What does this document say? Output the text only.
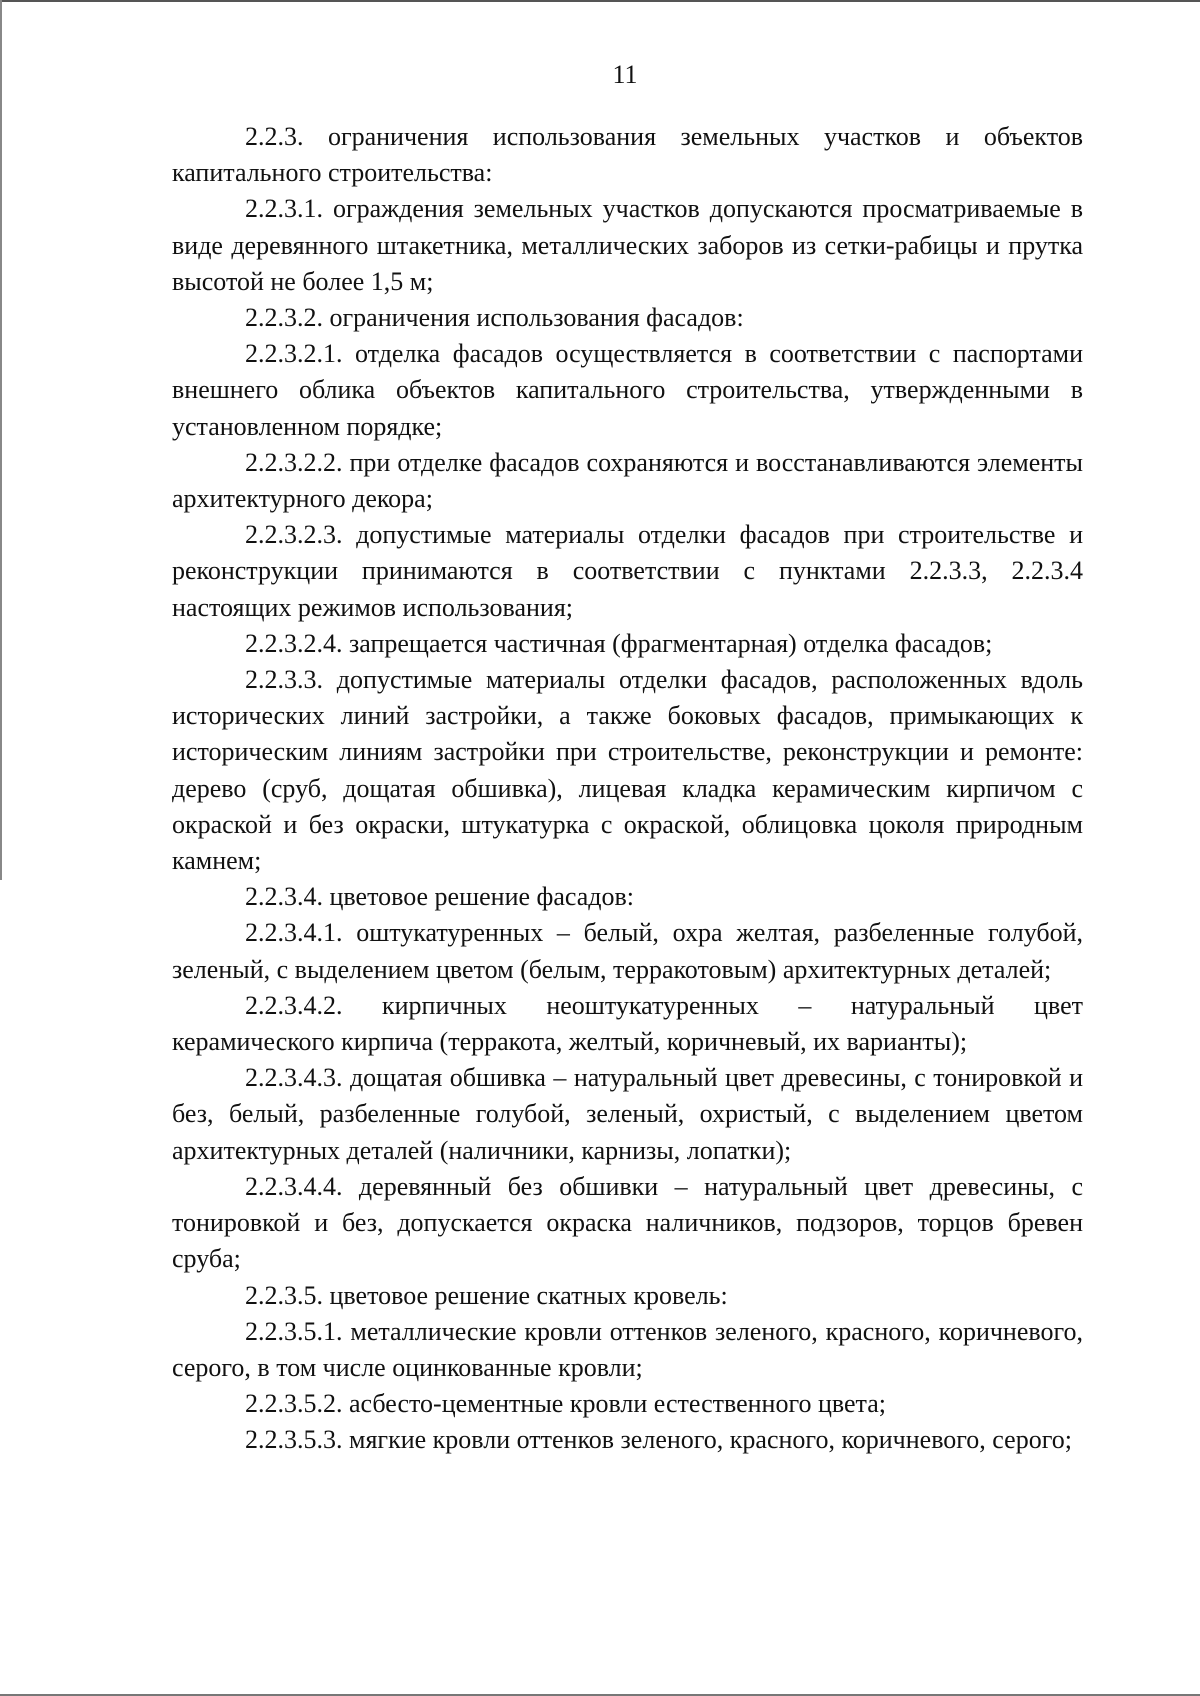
11

2.2.3. ограничения использования земельных участков и объектов капитального строительства:

2.2.3.1. ограждения земельных участков допускаются просматриваемые в виде деревянного штакетника, металлических заборов из сетки-рабицы и прутка высотой не более 1,5 м;

2.2.3.2. ограничения использования фасадов:

2.2.3.2.1. отделка фасадов осуществляется в соответствии с паспортами внешнего облика объектов капитального строительства, утвержденными в установленном порядке;

2.2.3.2.2. при отделке фасадов сохраняются и восстанавливаются элементы архитектурного декора;

2.2.3.2.3. допустимые материалы отделки фасадов при строительстве и реконструкции принимаются в соответствии с пунктами 2.2.3.3, 2.2.3.4 настоящих режимов использования;

2.2.3.2.4. запрещается частичная (фрагментарная) отделка фасадов;

2.2.3.3. допустимые материалы отделки фасадов, расположенных вдоль исторических линий застройки, а также боковых фасадов, примыкающих к историческим линиям застройки при строительстве, реконструкции и ремонте: дерево (сруб, дощатая обшивка), лицевая кладка керамическим кирпичом с окраской и без окраски, штукатурка с окраской, облицовка цоколя природным камнем;

2.2.3.4. цветовое решение фасадов:

2.2.3.4.1. оштукатуренных – белый, охра желтая, разбеленные голубой, зеленый, с выделением цветом (белым, терракотовым) архитектурных деталей;

2.2.3.4.2. кирпичных неоштукатуренных – натуральный цвет керамического кирпича (терракота, желтый, коричневый, их варианты);

2.2.3.4.3. дощатая обшивка – натуральный цвет древесины, с тонировкой и без, белый, разбеленные голубой, зеленый, охристый, с выделением цветом архитектурных деталей (наличники, карнизы, лопатки);

2.2.3.4.4. деревянный без обшивки – натуральный цвет древесины, с тонировкой и без, допускается окраска наличников, подзоров, торцов бревен сруба;

2.2.3.5. цветовое решение скатных кровель:

2.2.3.5.1. металлические кровли оттенков зеленого, красного, коричневого, серого, в том числе оцинкованные кровли;

2.2.3.5.2. асбесто-цементные кровли естественного цвета;

2.2.3.5.3. мягкие кровли оттенков зеленого, красного, коричневого, серого;
